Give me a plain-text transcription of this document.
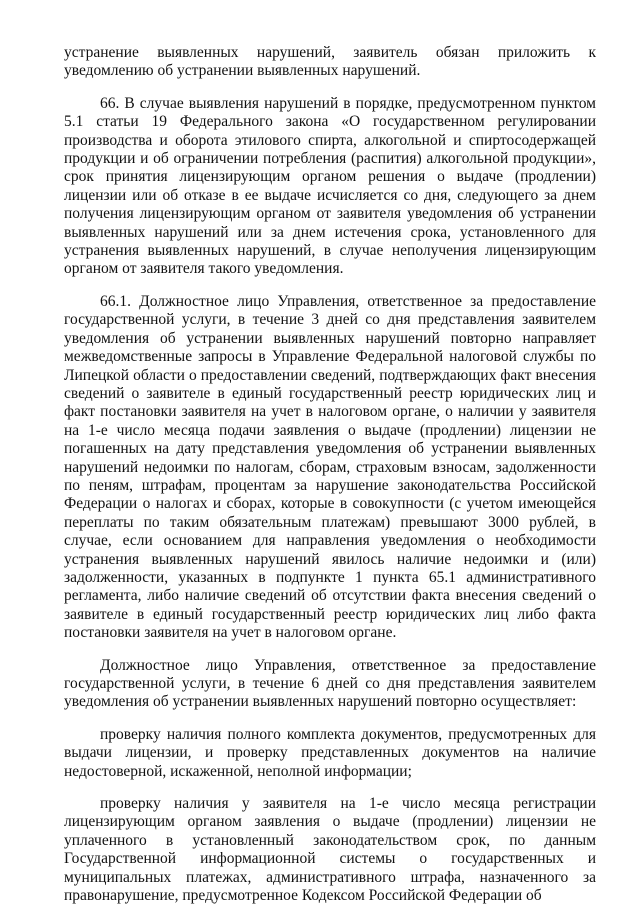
устранение выявленных нарушений, заявитель обязан приложить к уведомлению об устранении выявленных нарушений.

66. В случае выявления нарушений в порядке, предусмотренном пунктом 5.1 статьи 19 Федерального закона «О государственном регулировании производства и оборота этилового спирта, алкогольной и спиртосодержащей продукции и об ограничении потребления (распития) алкогольной продукции», срок принятия лицензирующим органом решения о выдаче (продлении) лицензии или об отказе в ее выдаче исчисляется со дня, следующего за днем получения лицензирующим органом от заявителя уведомления об устранении выявленных нарушений или за днем истечения срока, установленного для устранения выявленных нарушений, в случае неполучения лицензирующим органом от заявителя такого уведомления.

66.1. Должностное лицо Управления, ответственное за предоставление государственной услуги, в течение 3 дней со дня представления заявителем уведомления об устранении выявленных нарушений повторно направляет межведомственные запросы в Управление Федеральной налоговой службы по Липецкой области о предоставлении сведений, подтверждающих факт внесения сведений о заявителе в единый государственный реестр юридических лиц и факт постановки заявителя на учет в налоговом органе, о наличии у заявителя на 1-е число месяца подачи заявления о выдаче (продлении) лицензии не погашенных на дату представления уведомления об устранении выявленных нарушений недоимки по налогам, сборам, страховым взносам, задолженности по пеням, штрафам, процентам за нарушение законодательства Российской Федерации о налогах и сборах, которые в совокупности (с учетом имеющейся переплаты по таким обязательным платежам) превышают 3000 рублей, в случае, если основанием для направления уведомления о необходимости устранения выявленных нарушений явилось наличие недоимки и (или) задолженности, указанных в подпункте 1 пункта 65.1 административного регламента, либо наличие сведений об отсутствии факта внесения сведений о заявителе в единый государственный реестр юридических лиц либо факта постановки заявителя на учет в налоговом органе.

Должностное лицо Управления, ответственное за предоставление государственной услуги, в течение 6 дней со дня представления заявителем уведомления об устранении выявленных нарушений повторно осуществляет:

проверку наличия полного комплекта документов, предусмотренных для выдачи лицензии, и проверку представленных документов на наличие недостоверной, искаженной, неполной информации;

проверку наличия у заявителя на 1-е число месяца регистрации лицензирующим органом заявления о выдаче (продлении) лицензии не уплаченного в установленный законодательством срок, по данным Государственной информационной системы о государственных и муниципальных платежах, административного штрафа, назначенного за правонарушение, предусмотренное Кодексом Российской Федерации об
